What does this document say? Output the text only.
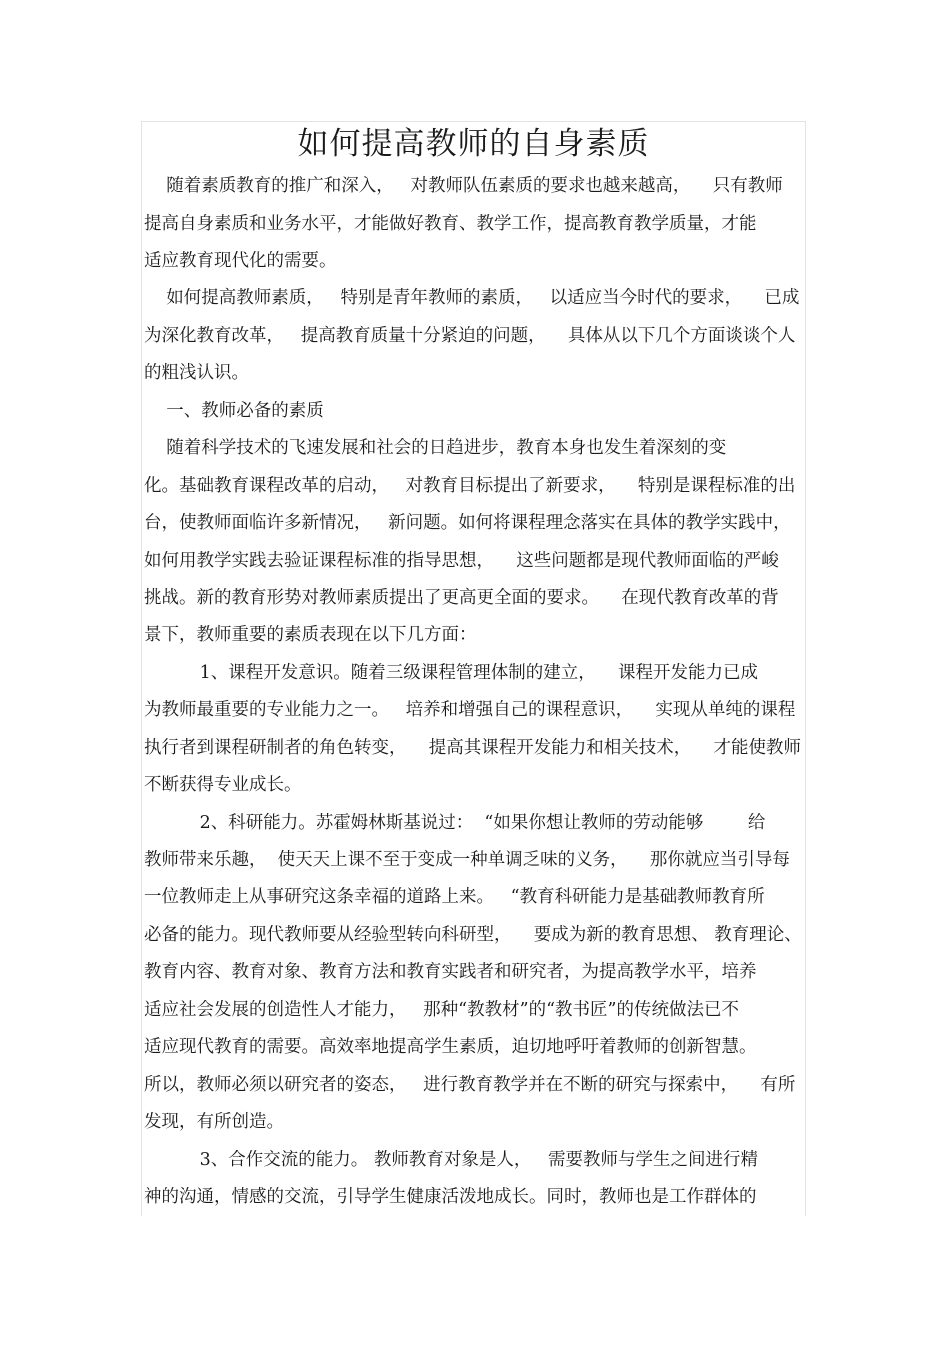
如何提高教师的自身素质

随着素质教育的推广和深入，   对教师队伍素质的要求也越来越高，    只有教师

提高自身素质和业务水平，才能做好教育、教学工作，提高教育教学质量，才能

适应教育现代化的需要。

如何提高教师素质，   特别是青年教师的素质，   以适应当今时代的要求，    已成

为深化教育改革，   提高教育质量十分紧迫的问题，    具体从以下几个方面谈谈个人

的粗浅认识。

一、教师必备的素质

随着科学技术的飞速发展和社会的日趋进步，教育本身也发生着深刻的变

化。基础教育课程改革的启动，   对教育目标提出了新要求，    特别是课程标准的出

台，使教师面临许多新情况，   新问题。如何将课程理念落实在具体的教学实践中，

如何用教学实践去验证课程标准的指导思想，    这些问题都是现代教师面临的严峻

挑战。新的教育形势对教师素质提出了更高更全面的要求。    在现代教育改革的背

景下，教师重要的素质表现在以下几方面：

1、课程开发意识。随着三级课程管理体制的建立，    课程开发能力已成

为教师最重要的专业能力之一。   培养和增强自己的课程意识，    实现从单纯的课程

执行者到课程研制者的角色转变，    提高其课程开发能力和相关技术，    才能使教师

不断获得专业成长。

2、科研能力。苏霍姆林斯基说过：  “如果你想让教师的劳动能够        给

教师带来乐趣，  使天天上课不至于变成一种单调乏味的义务，    那你就应当引导每

一位教师走上从事研究这条幸福的道路上来。   “教育科研能力是基础教师教育所

必备的能力。现代教师要从经验型转向科研型，    要成为新的教育思想、 教育理论、

教育内容、教育对象、教育方法和教育实践者和研究者，为提高教学水平，培养

适应社会发展的创造性人才能力，   那种“教教材”的“教书匠”的传统做法已不

适应现代教育的需要。高效率地提高学生素质，迫切地呼吁着教师的创新智慧。

所以，教师必须以研究者的姿态，   进行教育教学并在不断的研究与探索中，    有所

发现，有所创造。

3、合作交流的能力。 教师教育对象是人，   需要教师与学生之间进行精

神的沟通，情感的交流，引导学生健康活泼地成长。同时，教师也是工作群体的
